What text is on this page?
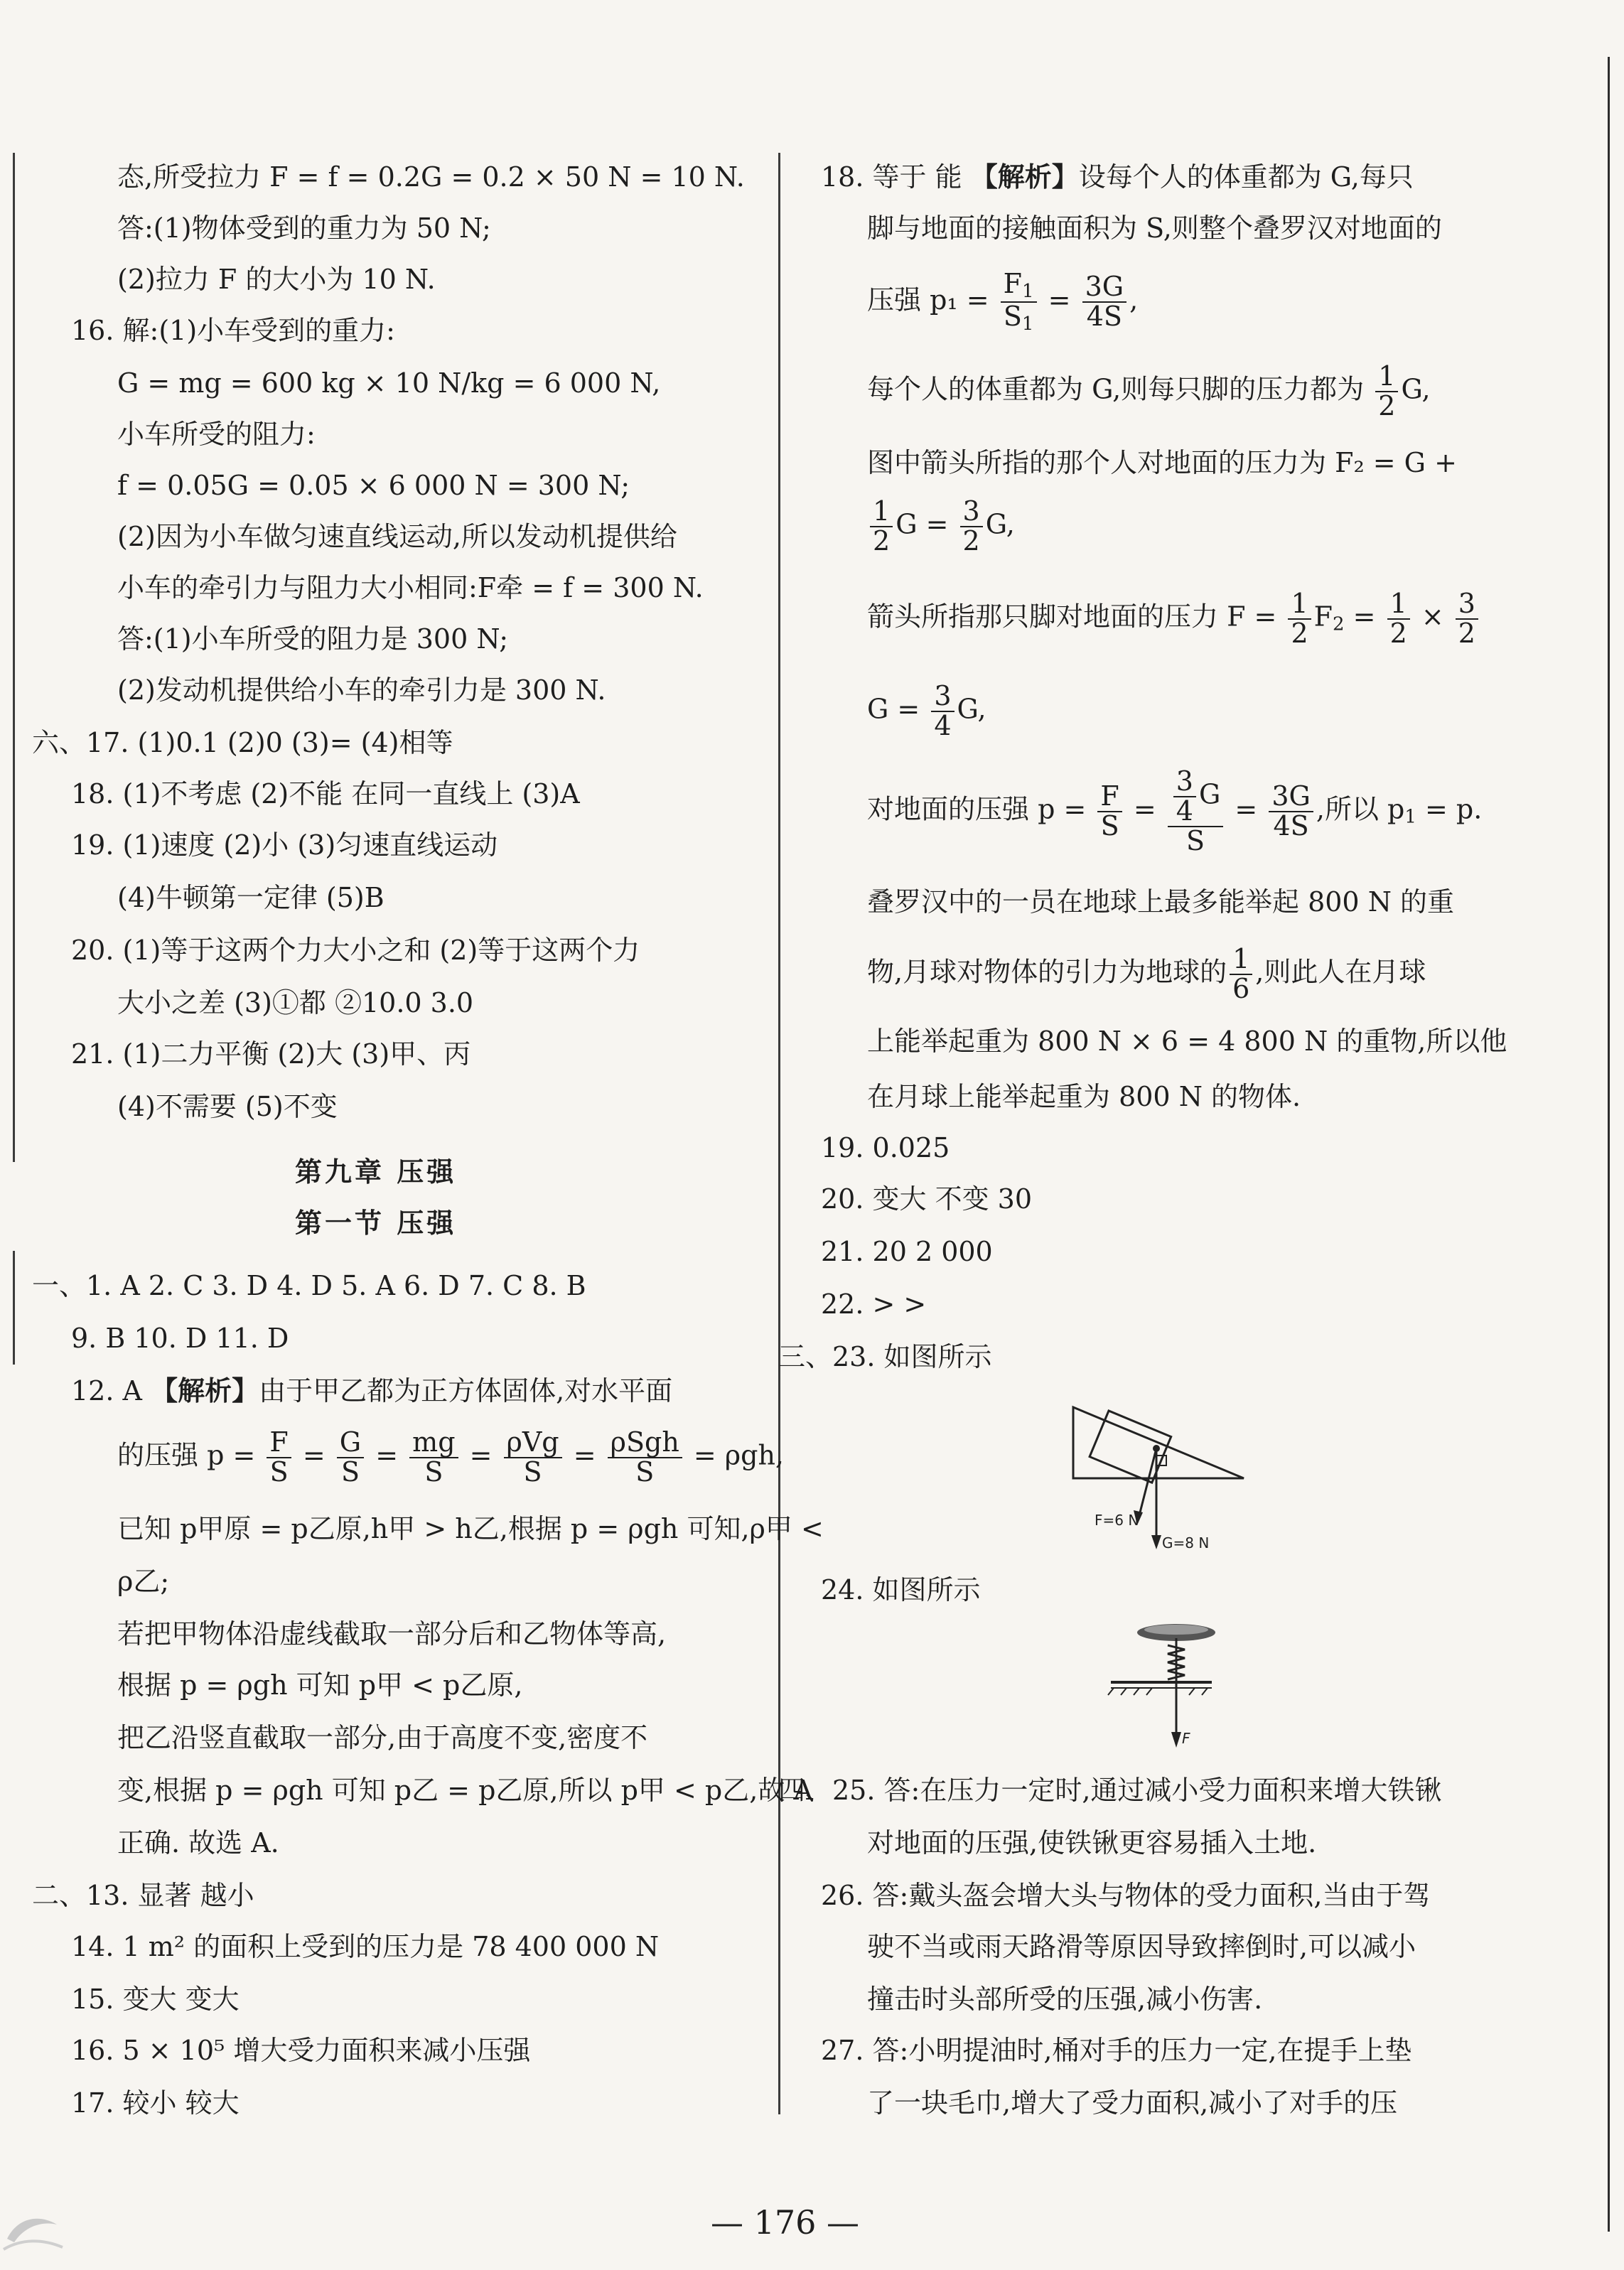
态,所受拉力 F = f = 0.2G = 0.2 × 50 N = 10 N.
答:(1)物体受到的重力为 50 N;
(2)拉力 F 的大小为 10 N.
16. 解:(1)小车受到的重力:
G = mg = 600 kg × 10 N/kg = 6 000 N,
小车所受的阻力:
f = 0.05G = 0.05 × 6 000 N = 300 N;
(2)因为小车做匀速直线运动,所以发动机提供给
小车的牵引力与阻力大小相同:F牵 = f = 300 N.
答:(1)小车所受的阻力是 300 N;
(2)发动机提供给小车的牵引力是 300 N.
六、17. (1)0.1 (2)0 (3)= (4)相等
18. (1)不考虑 (2)不能 在同一直线上 (3)A
19. (1)速度 (2)小 (3)匀速直线运动
(4)牛顿第一定律 (5)B
20. (1)等于这两个力大小之和 (2)等于这两个力
大小之差 (3)①都 ②10.0 3.0
21. (1)二力平衡 (2)大 (3)甲、丙
(4)不需要 (5)不变
第九章 压强
第一节 压强
一、1. A 2. C 3. D 4. D 5. A 6. D 7. C 8. B
9. B 10. D 11. D
12. A 【解析】由于甲乙都为正方体固体,对水平面
的压强 $p = \frac{F}{S} = \frac{G}{S} = \frac{mg}{S} = \frac{\text{ρVg}}{S} = \frac{\text{ρSgh}}{S} = \rho gh$,
已知 p甲原 = p乙原,h甲 > h乙,根据 p = ρgh 可知,ρ甲 <
ρ乙;
若把甲物体沿虚线截取一部分后和乙物体等高,
根据 p = ρgh 可知 p甲 < p乙原,
把乙沿竖直截取一部分,由于高度不变,密度不
变,根据 p = ρgh 可知 p乙 = p乙原,所以 p甲 < p乙,故 A
正确. 故选 A.
二、13. 显著 越小
14. 1 m² 的面积上受到的压力是 78 400 000 N
15. 变大 变大
16. 5 × 10⁵ 增大受力面积来减小压强
17. 较小 较大
18. 等于 能 【解析】设每个人的体重都为 G,每只
脚与地面的接触面积为 S,则整个叠罗汉对地面的
压强 $p_1 = \frac{F_1}{S_1} = \frac{3G}{4S}$ ,
每个人的体重都为 G,则每只脚的压力都为 $\frac{1}{2} G$,
图中箭头所指的那个人对地面的压力为 F₂ = G +
$\frac{1}{2}$ $G = \frac{3}{2} G$,
箭头所指那只脚对地面的压力 $F = \frac{1}{2} F_2 = \frac{1}{2} \times \frac{3}{2}$
$G = \frac{3}{4} G$,
对地面的压强 $p = \frac{F}{S} = \frac{\frac{3}{4} G}{S} = \frac{3G}{4S}$ ,所以 $p_1 = p$.
叠罗汉中的一员在地球上最多能举起 800 N 的重
物,月球对物体的引力为地球的 $\frac{1}{6}$ ,则此人在月球
上能举起重为 800 N × 6 = 4 800 N 的重物,所以他
在月球上能举起重为 800 N 的物体.
19. 0.025
20. 变大 不变 30
21. 20 2 000
22. > >
三、23. 如图所示
F=6 N
G=8 N
24. 如图所示
F
四、25. 答:在压力一定时,通过减小受力面积来增大铁锹
对地面的压强,使铁锹更容易插入土地.
26. 答:戴头盔会增大头与物体的受力面积,当由于驾
驶不当或雨天路滑等原因导致摔倒时,可以减小
撞击时头部所受的压强,减小伤害.
27. 答:小明提油时,桶对手的压力一定,在提手上垫
了一块毛巾,增大了受力面积,减小了对手的压
— 176 —
